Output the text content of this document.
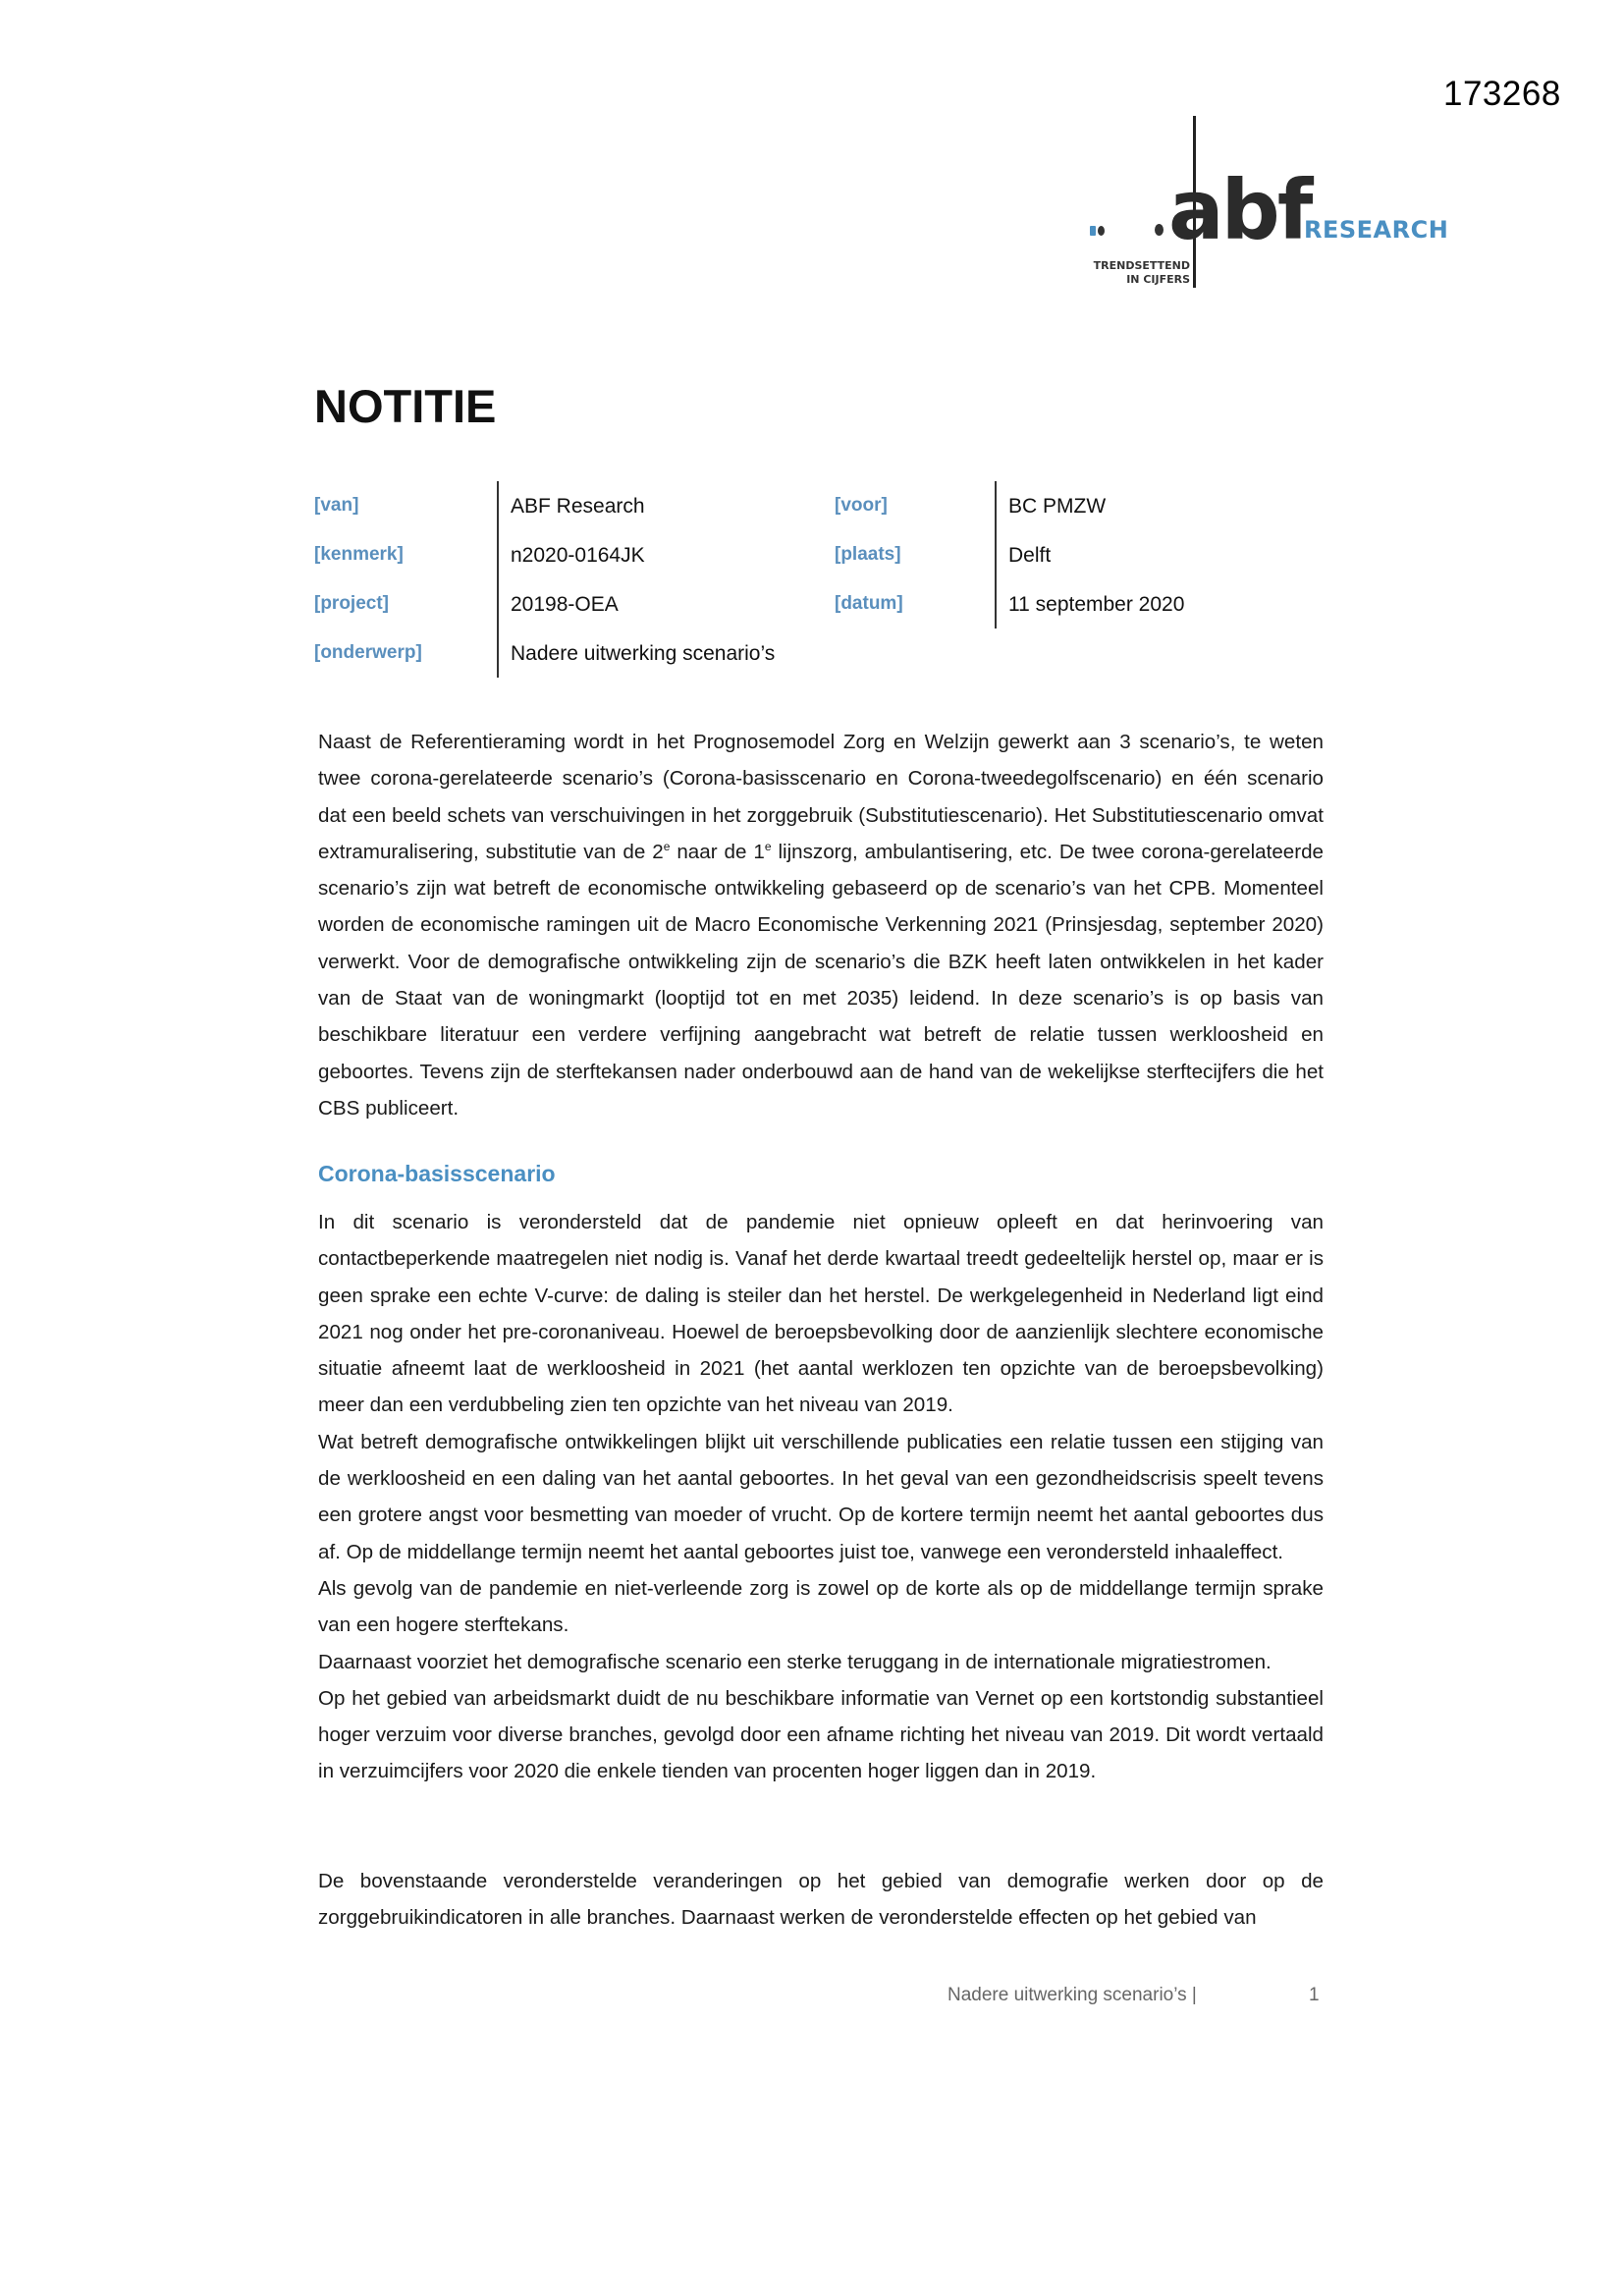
173268
abf
RESEARCH
TRENDSETTEND
IN CIJFERS
NOTITIE
[van]	ABF Research
[kenmerk]	n2020-0164JK
[project]	20198-OEA
[onderwerp]	Nadere uitwerking scenario’s
[voor]	BC PMZW
[plaats]	Delft
[datum]	11 september 2020

Naast de Referentieraming wordt in het Prognosemodel Zorg en Welzijn gewerkt aan 3 scenario’s, te weten twee corona-gerelateerde scenario’s (Corona-basisscenario en Corona-tweedegolfscenario) en één scenario dat een beeld schets van verschuivingen in het zorggebruik (Substitutiescenario). Het Substitutiescenario omvat extramuralisering, substitutie van de 2e naar de 1e lijnszorg, ambulantisering, etc. De twee corona-gerelateerde scenario’s zijn wat betreft de economische ontwikkeling gebaseerd op de scenario’s van het CPB. Momenteel worden de economische ramingen uit de Macro Economische Verkenning 2021 (Prinsjesdag, september 2020) verwerkt. Voor de demografische ontwikkeling zijn de scenario’s die BZK heeft laten ontwikkelen in het kader van de Staat van de woningmarkt (looptijd tot en met 2035) leidend. In deze scenario’s is op basis van beschikbare literatuur een verdere verfijning aangebracht wat betreft de relatie tussen werkloosheid en geboortes. Tevens zijn de sterftekansen nader onderbouwd aan de hand van de wekelijkse sterftecijfers die het CBS publiceert.

Corona-basisscenario

In dit scenario is verondersteld dat de pandemie niet opnieuw opleeft en dat herinvoering van contactbeperkende maatregelen niet nodig is. Vanaf het derde kwartaal treedt gedeeltelijk herstel op, maar er is geen sprake een echte V-curve: de daling is steiler dan het herstel. De werkgelegenheid in Nederland ligt eind 2021 nog onder het pre-coronaniveau. Hoewel de beroepsbevolking door de aanzienlijk slechtere economische situatie afneemt laat de werkloosheid in 2021 (het aantal werklozen ten opzichte van de beroepsbevolking) meer dan een verdubbeling zien ten opzichte van het niveau van 2019.

Wat betreft demografische ontwikkelingen blijkt uit verschillende publicaties een relatie tussen een stijging van de werkloosheid en een daling van het aantal geboortes. In het geval van een gezondheidscrisis speelt tevens een grotere angst voor besmetting van moeder of vrucht. Op de kortere termijn neemt het aantal geboortes dus af. Op de middellange termijn neemt het aantal geboortes juist toe, vanwege een verondersteld inhaaleffect.

Als gevolg van de pandemie en niet-verleende zorg is zowel op de korte als op de middellange termijn sprake van een hogere sterftekans.

Daarnaast voorziet het demografische scenario een sterke teruggang in de internationale migratiestromen.

Op het gebied van arbeidsmarkt duidt de nu beschikbare informatie van Vernet op een kortstondig substantieel hoger verzuim voor diverse branches, gevolgd door een afname richting het niveau van 2019. Dit wordt vertaald in verzuimcijfers voor 2020 die enkele tienden van procenten hoger liggen dan in 2019.

De bovenstaande veronderstelde veranderingen op het gebied van demografie werken door op de zorggebruikindicatoren in alle branches. Daarnaast werken de veronderstelde effecten op het gebied van

Nadere uitwerking scenario’s |	1
